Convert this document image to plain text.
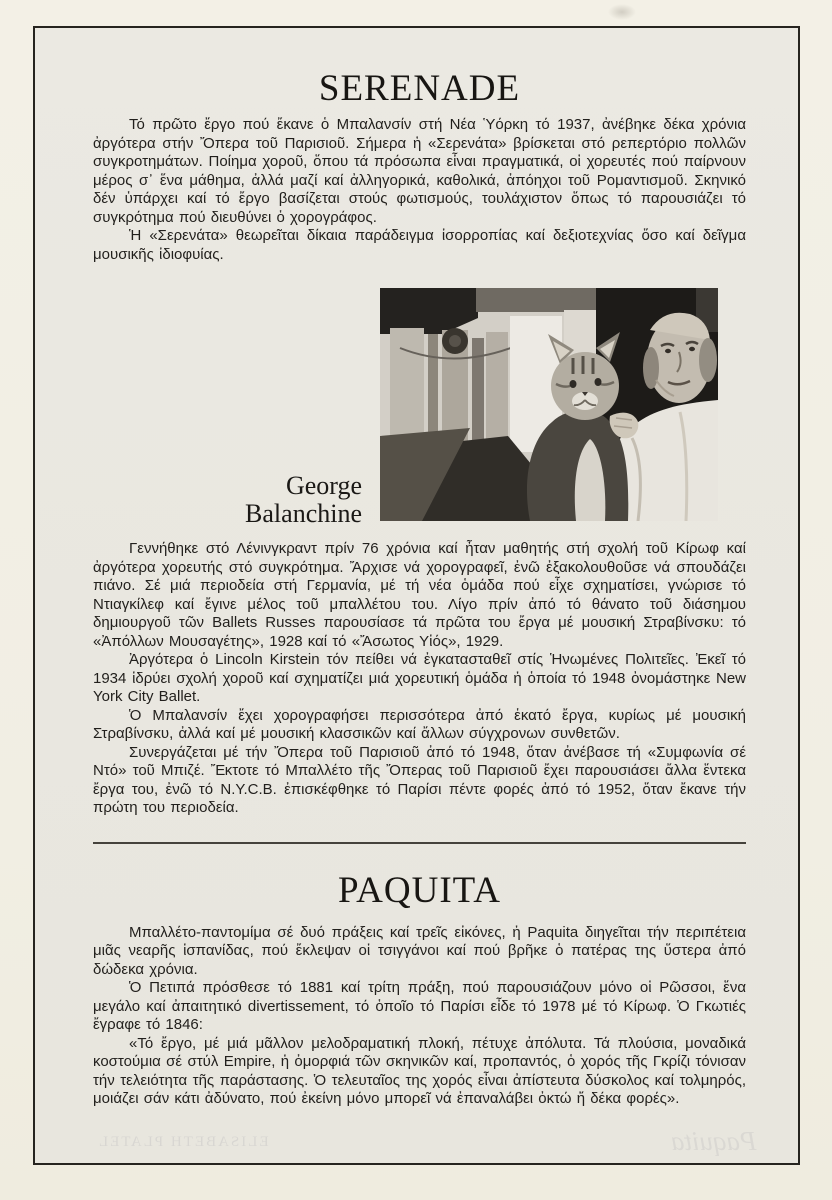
SERENADE

Τό πρῶτο ἔργο πού ἔκανε ὁ Μπαλανσίν στή Νέα Ὑόρκη τό 1937, ἀνέβηκε δέκα χρόνια ἀργότερα στήν Ὄπερα τοῦ Παρισιοῦ. Σήμερα ἡ «Σερενάτα» βρίσκεται στό ρεπερτόριο πολλῶν συγκροτημάτων. Ποίημα χοροῦ, ὅπου τά πρόσωπα εἶναι πραγματικά, οἱ χορευτές πού παίρνουν μέρος σ᾿ ἕνα μάθημα, ἀλλά μαζί καί ἀλληγορικά, καθολικά, ἀπόηχοι τοῦ Ρομαντισμοῦ. Σκηνικό δέν ὑπάρχει καί τό ἔργο βασίζεται στούς φωτισμούς, τουλάχιστον ὅπως τό παρουσιάζει τό συγκρότημα πού διευθύνει ὁ χορογράφος.

Ἡ «Σερενάτα» θεωρεῖται δίκαια παράδειγμα ἰσορροπίας καί δεξιοτεχνίας ὅσο καί δεῖγμα μουσικῆς ἰδιοφυίας.

George
Balanchine

Γεννήθηκε στό Λένινγκραντ πρίν 76 χρόνια καί ἦταν μαθητής στή σχολή τοῦ Κίρωφ καί ἀργότερα χορευτής στό συγκρότημα. Ἄρχισε νά χορογραφεῖ, ἐνῶ ἐξακολουθοῦσε νά σπουδάζει πιάνο. Σέ μιά περιοδεία στή Γερμανία, μέ τή νέα ὁμάδα πού εἶχε σχηματίσει, γνώρισε τό Ντιαγκίλεφ καί ἔγινε μέλος τοῦ μπαλλέτου του. Λίγο πρίν ἀπό τό θάνατο τοῦ διάσημου δημιουργοῦ τῶν Ballets Russes παρουσίασε τά πρῶτα του ἔργα μέ μουσική Στραβίνσκυ: τό «Ἀπόλλων Μουσαγέτης», 1928 καί τό «Ἄσωτος Υἱός», 1929.

Ἀργότερα ὁ Lincoln Kirstein τόν πείθει νά ἐγκατασταθεῖ στίς Ἡνωμένες Πολιτεῖες. Ἐκεῖ τό 1934 ἱδρύει σχολή χοροῦ καί σχηματίζει μιά χορευτική ὁμάδα ἡ ὁποία τό 1948 ὀνομάστηκε New York City Ballet.

Ὁ Μπαλανσίν ἔχει χορογραφήσει περισσότερα ἀπό ἑκατό ἔργα, κυρίως μέ μουσική Στραβίνσκυ, ἀλλά καί μέ μουσική κλασσικῶν καί ἄλλων σύγχρονων συνθετῶν.

Συνεργάζεται μέ τήν Ὄπερα τοῦ Παρισιοῦ ἀπό τό 1948, ὅταν ἀνέβασε τή «Συμφωνία σέ Ντό» τοῦ Μπιζέ. Ἔκτοτε τό Μπαλλέτο τῆς Ὄπερας τοῦ Παρισιοῦ ἔχει παρουσιάσει ἄλλα ἕντεκα ἔργα του, ἐνῶ τό N.Y.C.B. ἐπισκέφθηκε τό Παρίσι πέντε φορές ἀπό τό 1952, ὅταν ἔκανε τήν πρώτη του περιοδεία.

PAQUITA

Μπαλλέτο-παντομίμα σέ δυό πράξεις καί τρεῖς εἰκόνες, ἡ Paquita διηγεῖται τήν περιπέτεια μιᾶς νεαρῆς ἱσπανίδας, πού ἔκλεψαν οἱ τσιγγάνοι καί πού βρῆκε ὁ πατέρας της ὕστερα ἀπό δώδεκα χρόνια.

Ὁ Πετιπά πρόσθεσε τό 1881 καί τρίτη πράξη, πού παρουσιάζουν μόνο οἱ Ρῶσσοι, ἕνα μεγάλο καί ἀπαιτητικό divertissement, τό ὁποῖο τό Παρίσι εἶδε τό 1978 μέ τό Κίρωφ. Ὁ Γκωτιές ἔγραφε τό 1846:

«Τό ἔργο, μέ μιά μᾶλλον μελοδραματική πλοκή, πέτυχε ἀπόλυτα. Τά πλούσια, μοναδικά κοστούμια σέ στύλ Empire, ἡ ὀμορφιά τῶν σκηνικῶν καί, προπαντός, ὁ χορός τῆς Γκρίζι τόνισαν τήν τελειότητα τῆς παράστασης. Ὁ τελευταῖος της χορός εἶναι ἀπίστευτα δύσκολος καί τολμηρός, μοιάζει σάν κάτι ἀδύνατο, πού ἐκείνη μόνο μπορεῖ νά ἐπαναλάβει ὀκτώ ἤ δέκα φορές».

ELISABETH PLATEL	Paquita
